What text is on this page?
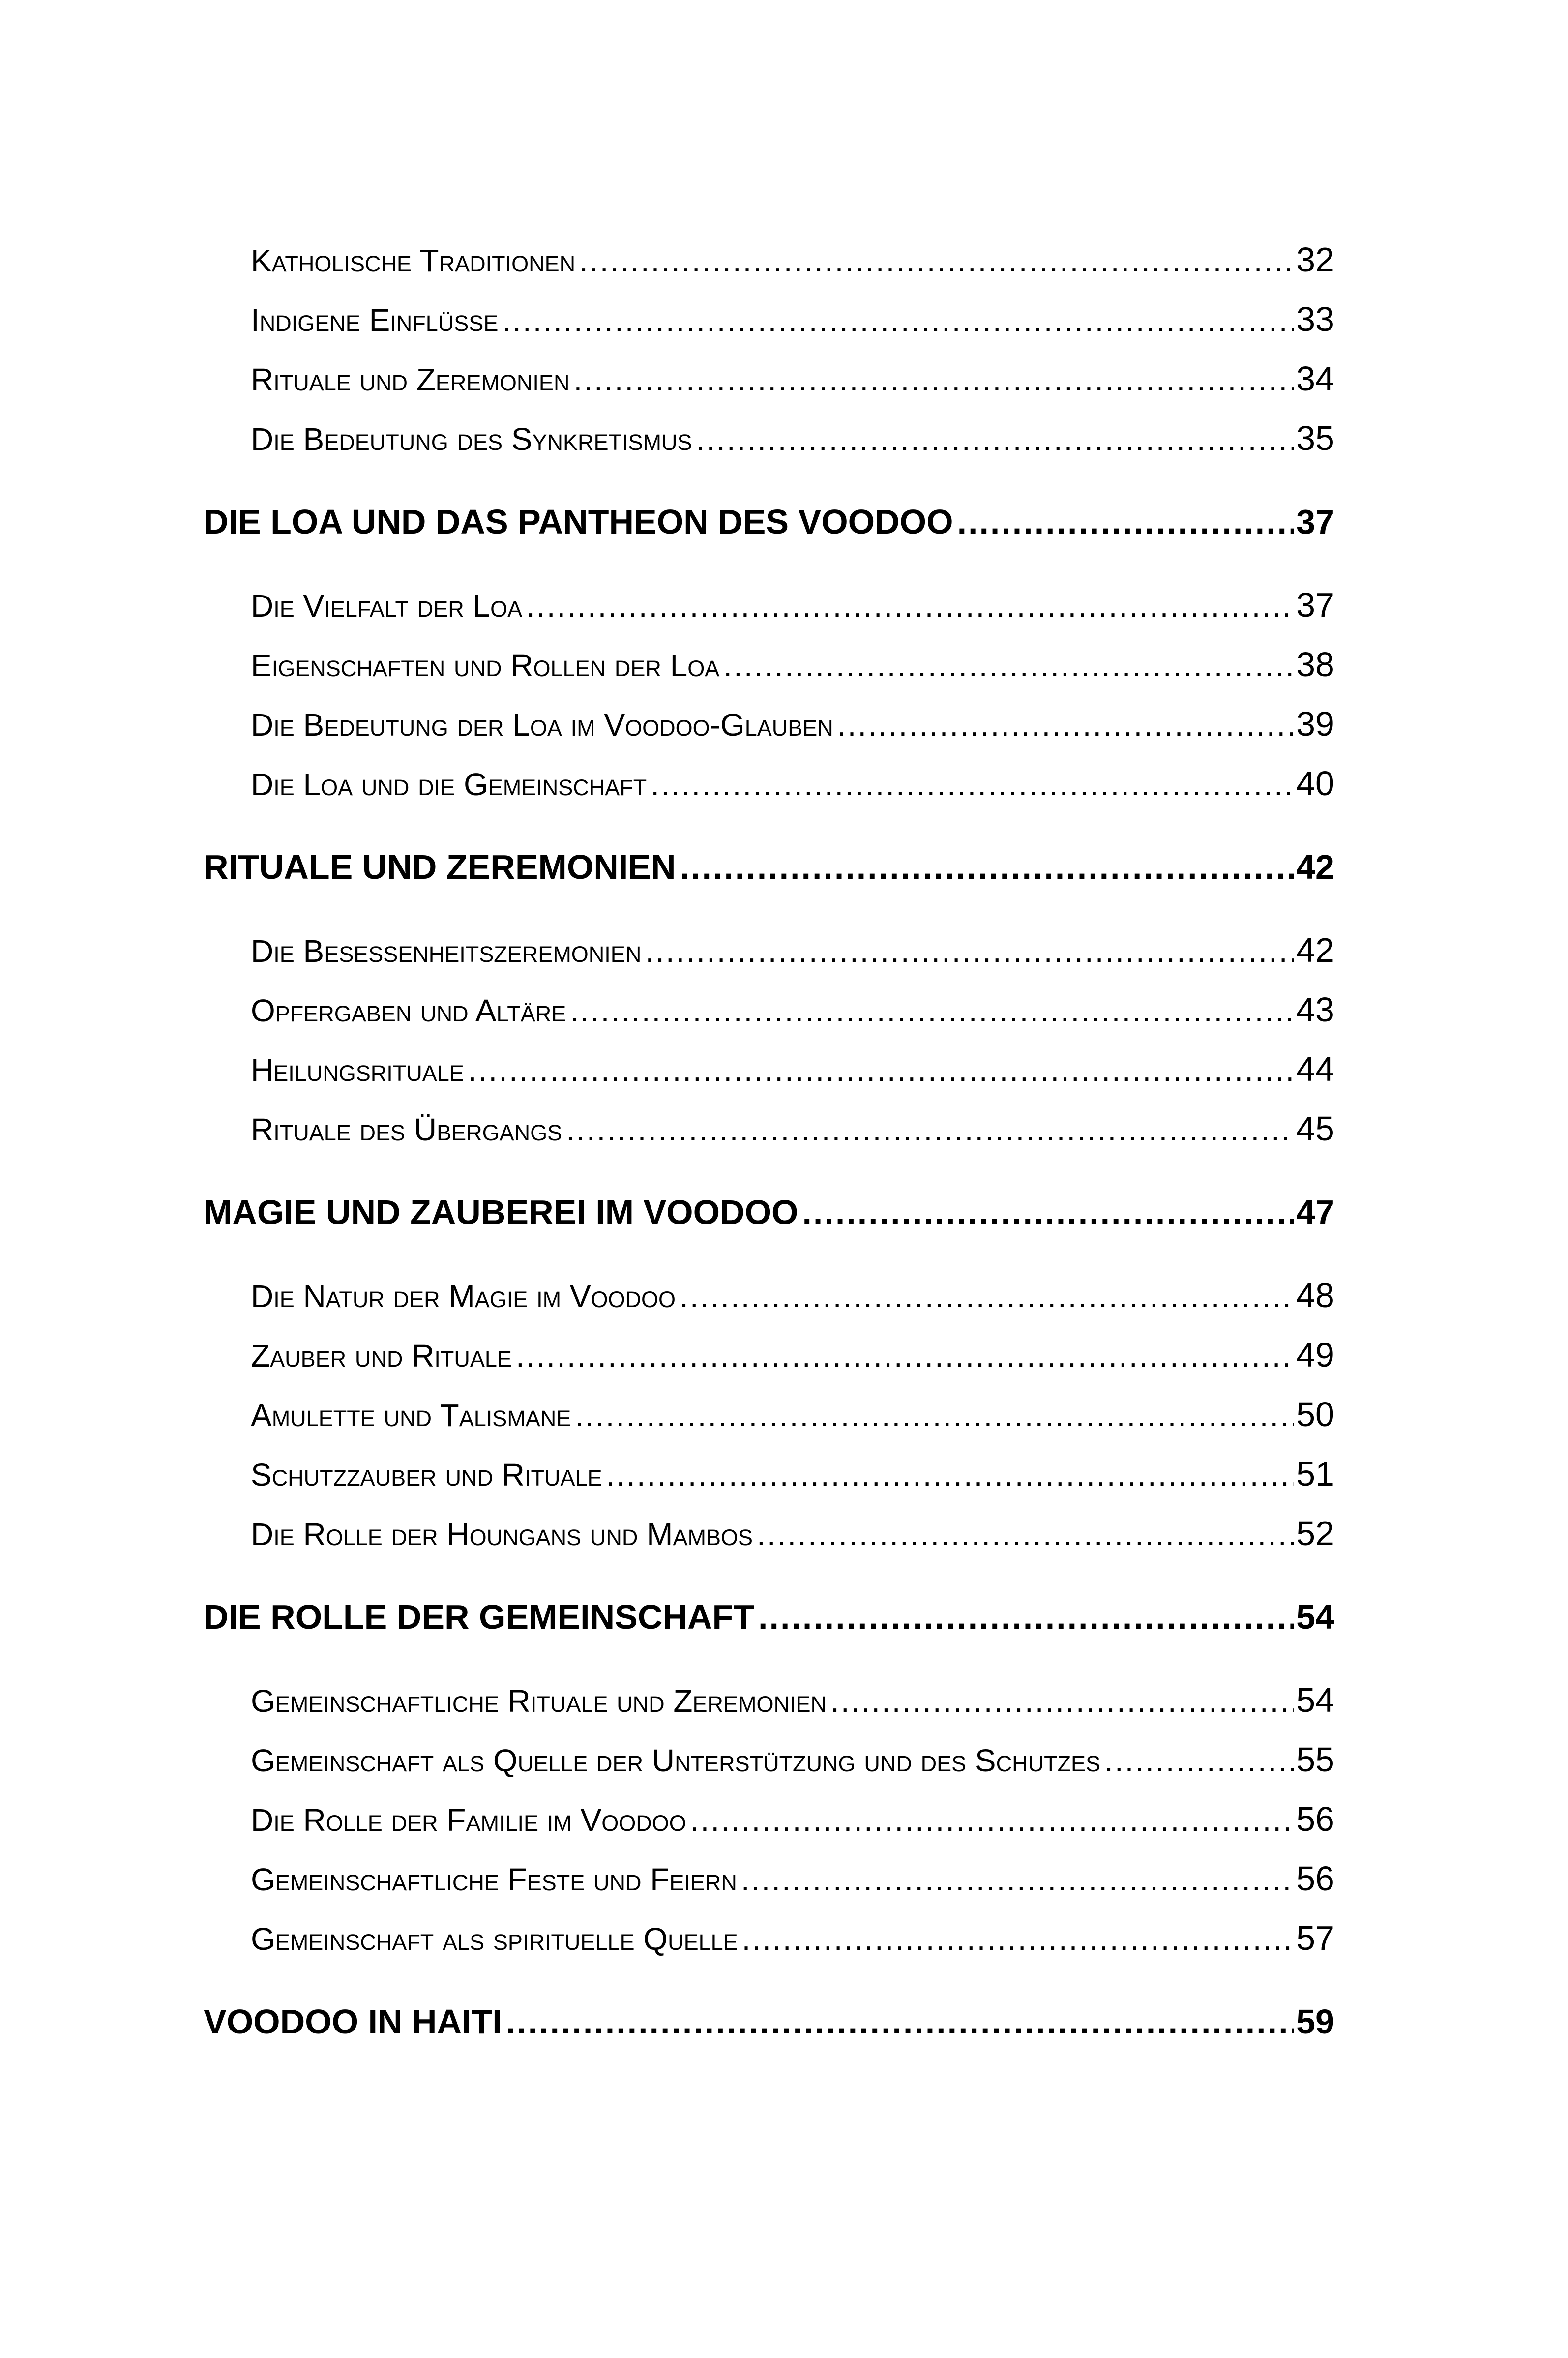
Katholische Traditionen .....	32
Indigene Einflüsse .....	33
Rituale und Zeremonien .....	34
Die Bedeutung des Synkretismus .....	35
DIE LOA UND DAS PANTHEON DES VOODOO .....	37
Die Vielfalt der Loa .....	37
Eigenschaften und Rollen der Loa .....	38
Die Bedeutung der Loa im Voodoo-Glauben .....	39
Die Loa und die Gemeinschaft .....	40
RITUALE UND ZEREMONIEN .....	42
Die Besessenheitszeremonien .....	42
Opfergaben und Altäre .....	43
Heilungsrituale .....	44
Rituale des Übergangs .....	45
MAGIE UND ZAUBEREI IM VOODOO .....	47
Die Natur der Magie im Voodoo .....	48
Zauber und Rituale .....	49
Amulette und Talismane .....	50
Schutzzauber und Rituale .....	51
Die Rolle der Houngans und Mambos .....	52
DIE ROLLE DER GEMEINSCHAFT .....	54
Gemeinschaftliche Rituale und Zeremonien .....	54
Gemeinschaft als Quelle der Unterstützung und des Schutzes .....	55
Die Rolle der Familie im Voodoo .....	56
Gemeinschaftliche Feste und Feiern .....	56
Gemeinschaft als spirituelle Quelle .....	57
VOODOO IN HAITI .....	59
